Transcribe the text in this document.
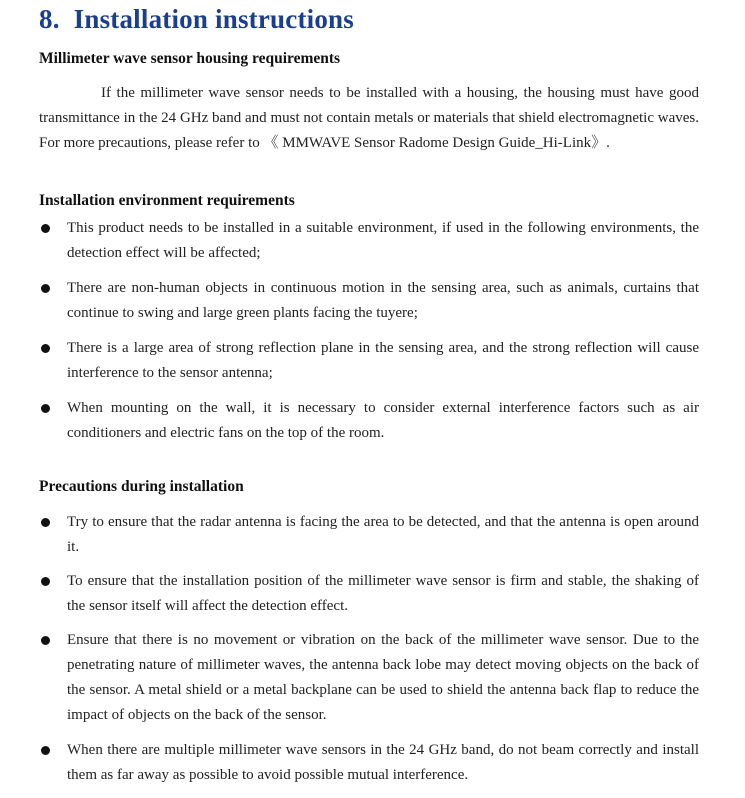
8. Installation instructions
Millimeter wave sensor housing requirements

If the millimeter wave sensor needs to be installed with a housing, the housing must have good transmittance in the 24 GHz band and must not contain metals or materials that shield electromagnetic waves. For more precautions, please refer to 《 MMWAVE Sensor Radome Design Guide_Hi-Link》.

Installation environment requirements

This product needs to be installed in a suitable environment, if used in the following environments, the detection effect will be affected;

There are non-human objects in continuous motion in the sensing area, such as animals, curtains that continue to swing and large green plants facing the tuyere;

There is a large area of strong reflection plane in the sensing area, and the strong reflection will cause interference to the sensor antenna;

When mounting on the wall, it is necessary to consider external interference factors such as air conditioners and electric fans on the top of the room.

Precautions during installation

Try to ensure that the radar antenna is facing the area to be detected, and that the antenna is open around it.

To ensure that the installation position of the millimeter wave sensor is firm and stable, the shaking of the sensor itself will affect the detection effect.

Ensure that there is no movement or vibration on the back of the millimeter wave sensor. Due to the penetrating nature of millimeter waves, the antenna back lobe may detect moving objects on the back of the sensor. A metal shield or a metal backplane can be used to shield the antenna back flap to reduce the impact of objects on the back of the sensor.

When there are multiple millimeter wave sensors in the 24 GHz band, do not beam correctly and install them as far away as possible to avoid possible mutual interference.
